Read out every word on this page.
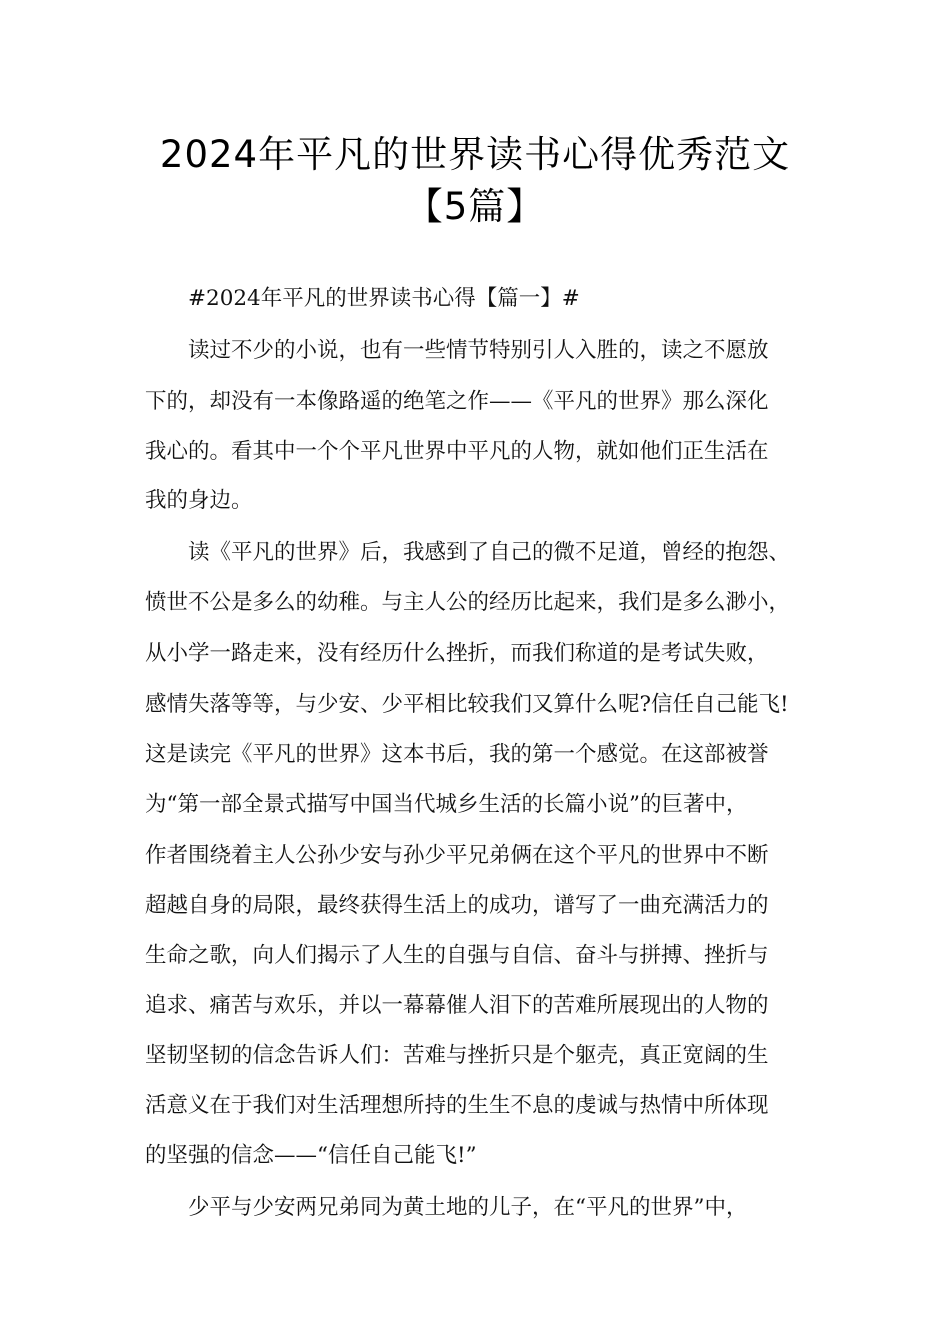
2024年平凡的世界读书心得优秀范文
【5篇】
#2024年平凡的世界读书心得【篇一】#
读过不少的小说，也有一些情节特别引人入胜的，读之不愿放
下的，却没有一本像路遥的绝笔之作——《平凡的世界》那么深化
我心的。看其中一个个平凡世界中平凡的人物，就如他们正生活在
我的身边。
读《平凡的世界》后，我感到了自己的微不足道，曾经的抱怨、
愤世不公是多么的幼稚。与主人公的经历比起来，我们是多么渺小，
从小学一路走来，没有经历什么挫折，而我们称道的是考试失败，
感情失落等等，与少安、少平相比较我们又算什么呢?信任自己能飞!
这是读完《平凡的世界》这本书后，我的第一个感觉。在这部被誉
为“第一部全景式描写中国当代城乡生活的长篇小说”的巨著中，
作者围绕着主人公孙少安与孙少平兄弟俩在这个平凡的世界中不断
超越自身的局限，最终获得生活上的成功，谱写了一曲充满活力的
生命之歌，向人们揭示了人生的自强与自信、奋斗与拼搏、挫折与
追求、痛苦与欢乐，并以一幕幕催人泪下的苦难所展现出的人物的
坚韧坚韧的信念告诉人们：苦难与挫折只是个躯壳，真正宽阔的生
活意义在于我们对生活理想所持的生生不息的虔诚与热情中所体现
的坚强的信念——“信任自己能飞!”
少平与少安两兄弟同为黄土地的儿子，在“平凡的世界”中，
